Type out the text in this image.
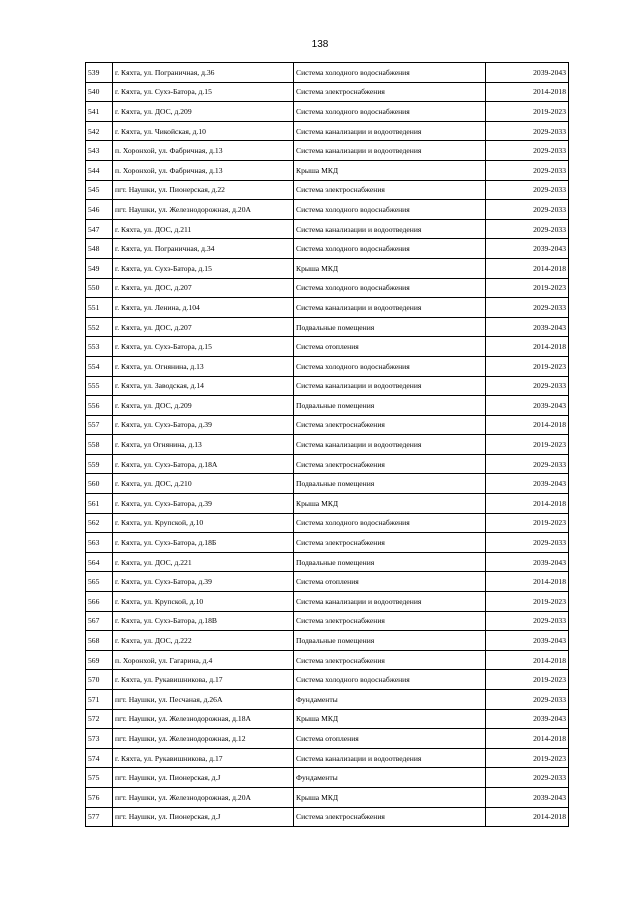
138
539	г. Кяхта, ул. Пограничная, д.36	Система холодного водоснабжения	2039-2043
540	г. Кяхта, ул. Сухэ-Батора, д.15	Система электроснабжения	2014-2018
541	г. Кяхта, ул. ДОС, д.209	Система холодного водоснабжения	2019-2023
542	г. Кяхта, ул. Чикойская, д.10	Система канализации и водоотведения	2029-2033
543	п. Хоронхой, ул. Фабричная, д.13	Система канализации и водоотведения	2029-2033
544	п. Хоронхой, ул. Фабричная, д.13	Крыша МКД	2029-2033
545	пгт. Наушки, ул. Пионерская, д.22	Система электроснабжения	2029-2033
546	пгт. Наушки, ул. Железнодорожная, д.20А	Система холодного водоснабжения	2029-2033
547	г. Кяхта, ул. ДОС, д.211	Система канализации и водоотведения	2029-2033
548	г. Кяхта, ул. Пограничная, д.34	Система холодного водоснабжения	2039-2043
549	г. Кяхта, ул. Сухэ-Батора, д.15	Крыша МКД	2014-2018
550	г. Кяхта, ул. ДОС, д.207	Система холодного водоснабжения	2019-2023
551	г. Кяхта, ул. Ленина, д.104	Система канализации и водоотведения	2029-2033
552	г. Кяхта, ул. ДОС, д.207	Подвальные помещения	2039-2043
553	г. Кяхта, ул. Сухэ-Батора, д.15	Система отопления	2014-2018
554	г. Кяхта, ул. Огнянина, д.13	Система холодного водоснабжения	2019-2023
555	г. Кяхта, ул. Заводская, д.14	Система канализации и водоотведения	2029-2033
556	г. Кяхта, ул. ДОС, д.209	Подвальные помещения	2039-2043
557	г. Кяхта, ул. Сухэ-Батора, д.39	Система электроснабжения	2014-2018
558	г. Кяхта, ул Огнянина, д.13	Система канализации и водоотведения	2019-2023
559	г. Кяхта, ул. Сухэ-Батора, д.18А	Система электроснабжения	2029-2033
560	г. Кяхта, ул. ДОС, д.210	Подвальные помещения	2039-2043
561	г. Кяхта, ул. Сухэ-Батора, д.39	Крыша МКД	2014-2018
562	г. Кяхта, ул. Крупской, д.10	Система холодного водоснабжения	2019-2023
563	г. Кяхта, ул. Сухэ-Батора, д.18Б	Система электроснабжения	2029-2033
564	г. Кяхта, ул. ДОС, д.221	Подвальные помещения	2039-2043
565	г. Кяхта, ул. Сухэ-Батора, д.39	Система отопления	2014-2018
566	г. Кяхта, ул. Крупской, д.10	Система канализации и водоотведения	2019-2023
567	г. Кяхта, ул. Сухэ-Батора, д.18В	Система электроснабжения	2029-2033
568	г. Кяхта, ул. ДОС, д.222	Подвальные помещения	2039-2043
569	п. Хоронхой, ул. Гагарина, д.4	Система электроснабжения	2014-2018
570	г. Кяхта, ул. Рукавишникова, д.17	Система холодного водоснабжения	2019-2023
571	пгт. Наушки, ул. Песчаная, д.26А	Фундаменты	2029-2033
572	пгт. Наушки, ул. Железнодорожная, д.18А	Крыша МКД	2039-2043
573	пгт. Наушки, ул. Железнодорожная, д.12	Система отопления	2014-2018
574	г. Кяхта, ул. Рукавишникова, д.17	Система канализации и водоотведения	2019-2023
575	пгт. Наушки, ул. Пионерская, д.J	Фундаменты	2029-2033
576	пгт. Наушки, ул. Железнодорожная, д.20А	Крыша МКД	2039-2043
577	пгт. Наушки, ул. Пионерская, д.J	Система электроснабжения	2014-2018
